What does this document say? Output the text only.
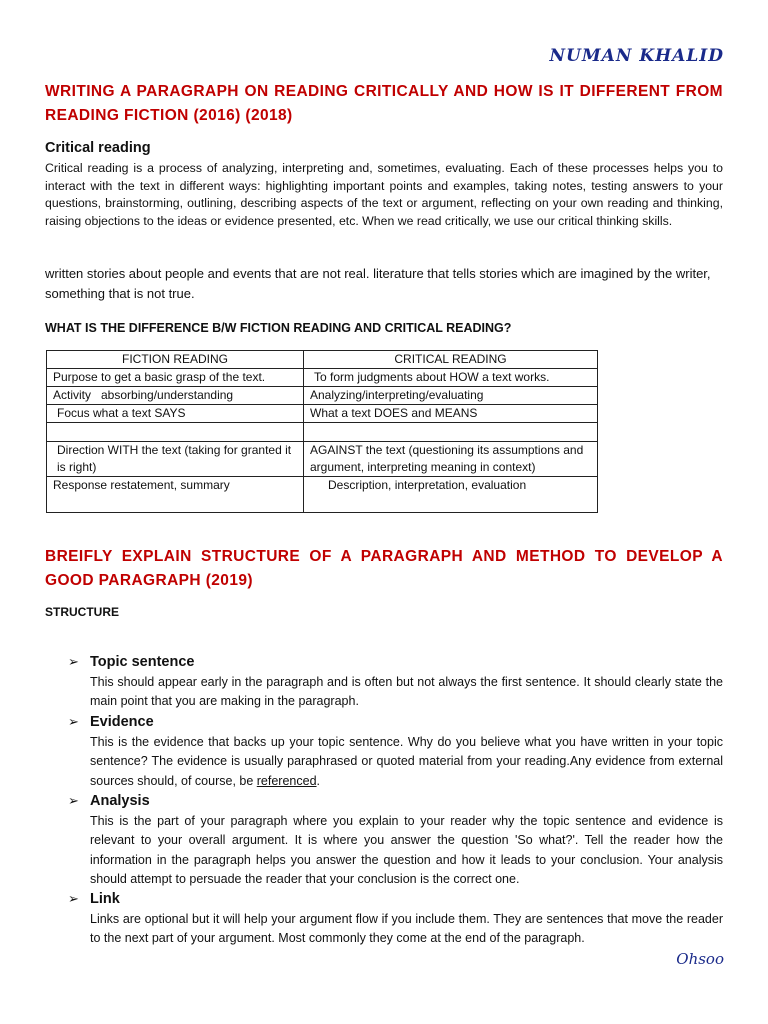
NUMAN KHALID
WRITING A PARAGRAPH ON READING CRITICALLY AND HOW IS IT DIFFERENT FROM READING FICTION (2016) (2018)
Critical reading
Critical reading is a process of analyzing, interpreting and, sometimes, evaluating. Each of these processes helps you to interact with the text in different ways: highlighting important points and examples, taking notes, testing answers to your questions, brainstorming, outlining, describing aspects of the text or argument, reflecting on your own reading and thinking, raising objections to the ideas or evidence presented, etc. When we read critically, we use our critical thinking skills.
written stories about people and events that are not real. literature that tells stories which are imagined by the writer, something that is not true.
WHAT IS THE DIFFERENCE B/W FICTION READING AND CRITICAL READING?
FICTION READING	CRITICAL READING
Purpose to get a basic grasp of the text.	To form judgments about HOW a text works.
Activity   absorbing/understanding	Analyzing/interpreting/evaluating
Focus what a text SAYS	What a text DOES and MEANS

Direction WITH the text (taking for granted it is right)	AGAINST the text (questioning its assumptions and argument, interpreting meaning in context)
Response restatement, summary	Description, interpretation, evaluation
BREIFLY EXPLAIN STRUCTURE OF A PARAGRAPH AND METHOD TO DEVELOP A GOOD PARAGRAPH (2019)
STRUCTURE
➢ Topic sentence
This should appear early in the paragraph and is often but not always the first sentence. It should clearly state the main point that you are making in the paragraph.
➢ Evidence
This is the evidence that backs up your topic sentence. Why do you believe what you have written in your topic sentence? The evidence is usually paraphrased or quoted material from your reading.Any evidence from external sources should, of course, be referenced.
➢ Analysis
This is the part of your paragraph where you explain to your reader why the topic sentence and evidence is relevant to your overall argument. It is where you answer the question 'So what?'. Tell the reader how the information in the paragraph helps you answer the question and how it leads to your conclusion. Your analysis should attempt to persuade the reader that your conclusion is the correct one.
➢ Link
Links are optional but it will help your argument flow if you include them. They are sentences that move the reader to the next part of your argument. Most commonly they come at the end of the paragraph.
Ohsoo
